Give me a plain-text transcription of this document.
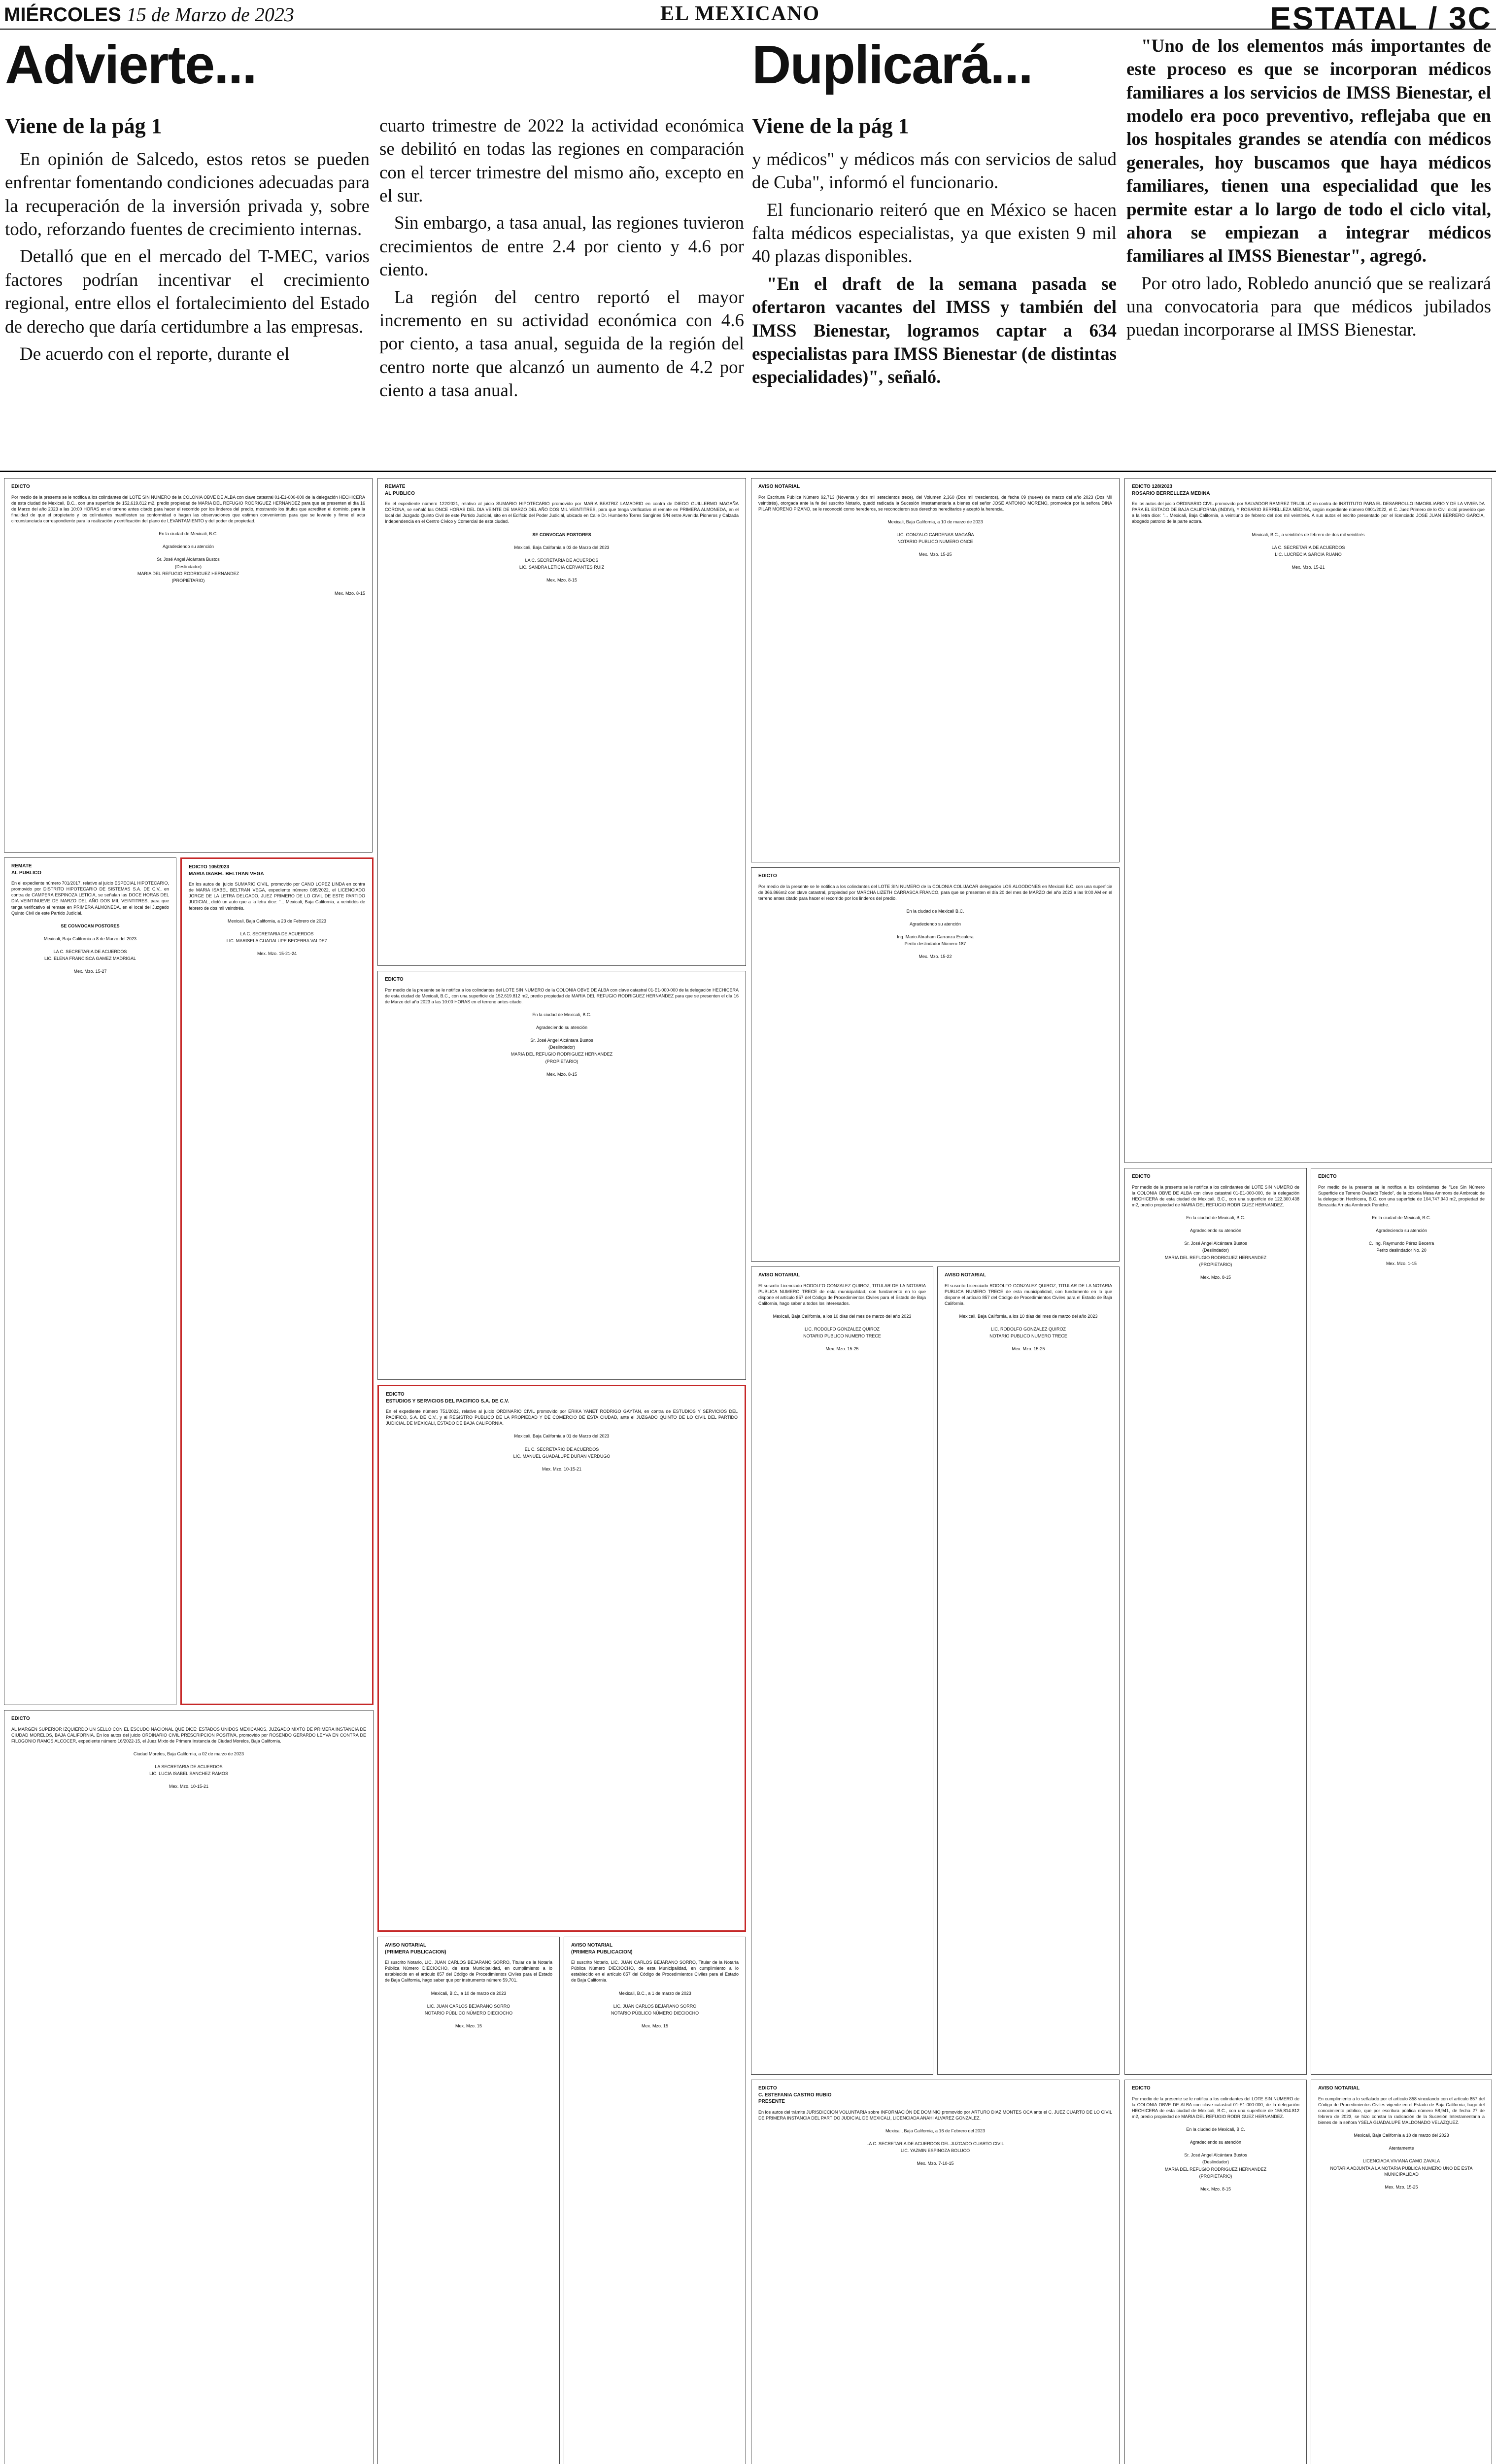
MIÉRCOLES 15 de Marzo de 2023	EL MEXICANO	ESTATAL / 3C
Advierte...
Viene de la pág 1

En opinión de Salcedo, estos retos se pueden enfrentar fomentando condiciones adecuadas para la recuperación de la inversión privada y, sobre todo, reforzando fuentes de crecimiento internas.

Detalló que en el mercado del T-MEC, varios factores podrían incentivar el crecimiento regional, entre ellos el fortalecimiento del Estado de derecho que daría certidumbre a las empresas.

De acuerdo con el reporte, durante el

cuarto trimestre de 2022 la actividad económica se debilitó en todas las regiones en comparación con el tercer trimestre del mismo año, excepto en el sur.

Sin embargo, a tasa anual, las regiones tuvieron crecimientos de entre 2.4 por ciento y 4.6 por ciento.

La región del centro reportó el mayor incremento en su actividad económica con 4.6 por ciento, a tasa anual, seguida de la región del centro norte que alcanzó un aumento de 4.2 por ciento a tasa anual.

Duplicará...
Viene de la pág 1

y médicos" y médicos más con servicios de salud de Cuba", informó el funcionario.

El funcionario reiteró que en México se hacen falta médicos especialistas, ya que existen 9 mil 40 plazas disponibles.

"En el draft de la semana pasada se ofertaron vacantes del IMSS y también del IMSS Bienestar, logramos captar a 634 especialistas para IMSS Bienestar (de distintas especialidades)", señaló.

"Uno de los elementos más importantes de este proceso es que se incorporan médicos familiares a los servicios de IMSS Bienestar, el modelo era poco preventivo, reflejaba que en los hospitales grandes se atendía con médicos generales, hoy buscamos que haya médicos familiares, tienen una especialidad que les permite estar a lo largo de todo el ciclo vital, ahora se empiezan a integrar médicos familiares al IMSS Bienestar", agregó.

Por otro lado, Robledo anunció que se realizará una convocatoria para que médicos jubilados puedan incorporarse al IMSS Bienestar.

EDICTO
Por medio de la presente se le notifica a los colindantes del LOTE SIN NUMERO de la COLONIA OBVE DE ALBA con clave catastral 01-E1-000-000 de la delegación HECHICERA de esta ciudad de Mexicali, B.C., con una superficie de 152,619.812 m2, predio propiedad de MARIA DEL REFUGIO RODRIGUEZ HERNANDEZ para que se presenten el día 16 de Marzo del año 2023 a las 10:00 HORAS en el terreno antes citado para hacer el recorrido por los linderos del predio, mostrando los títulos que acrediten el dominio, para la finalidad de que el propietario y los colindantes manifiesten su conformidad o hagan las observaciones que estimen convenientes para que se levante y firme el acta circunstanciada correspondiente para la realización y certificación del plano de LEVANTAMIENTO y del poder de propiedad.
En la ciudad de Mexicali, B.C.
Agradeciendo su atención
Sr. José Angel Alcántara Bustos
(Deslindador)
MARIA DEL REFUGIO RODRIGUEZ HERNANDEZ
(PROPIETARIO)
Mex. Mzo. 8-15
REMATE
AL PUBLICO
En el expediente número 122/2021, relativo al juicio SUMARIO HIPOTECARIO promovido por MARIA BEATRIZ LAMADRID en contra de DIEGO GUILLERMO MAGAÑA CORONA, se señaló las ONCE HORAS DEL DIA VEINTE DE MARZO DEL AÑO DOS MIL VEINTITRES, para que tenga verificativo el remate en PRIMERA ALMONEDA, en el local del Juzgado Quinto Civil de este Partido Judicial, sito en el Edificio del Poder Judicial, ubicado en Calle Dr. Humberto Torres Sanginés S/N entre Avenida Pioneros y Calzada Independencia en el Centro Cívico y Comercial de esta ciudad.
SE CONVOCAN POSTORES
Mexicali, Baja California a 03 de Marzo del 2023
LA C. SECRETARIA DE ACUERDOS
LIC. SANDRA LETICIA CERVANTES RUIZ
Mex. Mzo. 8-15
AVISO NOTARIAL
Por Escritura Pública Número 92,713 (Noventa y dos mil setecientos trece), del Volumen 2,360 (Dos mil trescientos), de fecha 09 (nueve) de marzo del año 2023 (Dos Mil veintitrés), otorgada ante la fe del suscrito Notario, quedó radicada la Sucesión intestamentaria a bienes del señor JOSE ANTONIO MORENO, promovida por la señora DINA PILAR MORENO PIZANO, se le reconoció como herederos, se reconocieron sus derechos hereditarios y aceptó la herencia.
Mexicali, Baja California, a 10 de marzo de 2023
LIC. GONZALO CARDENAS MAGAÑA
NOTARIO PUBLICO NUMERO ONCE
Mex. Mzo. 15-25
EDICTO 128/2023
ROSARIO BERRELLEZA MEDINA
En los autos del juicio ORDINARIO CIVIL promovido por SALVADOR RAMIREZ TRUJILLO en contra de INSTITUTO PARA EL DESARROLLO INMOBILIARIO Y DE LA VIVIENDA PARA EL ESTADO DE BAJA CALIFORNIA (INDIVI), Y ROSARIO BERRELLEZA MEDINA, según expediente número 0901/2022, el C. Juez Primero de lo Civil dictó proveído que a la letra dice: "... Mexicali, Baja California, a veintiuno de febrero del dos mil veintitrés. A sus autos el escrito presentado por el licenciado JOSE JUAN BERRERO GARCIA, abogado patrono de la parte actora.
Mexicali, B.C., a veintitrés de febrero de dos mil veintitrés
LA C. SECRETARIA DE ACUERDOS
LIC. LUCRECIA GARCIA RUANO
Mex. Mzo. 15-21
REMATE
AL PUBLICO
En el expediente número 701/2017, relativo al juicio ESPECIAL HIPOTECARIO, promovido por DISTRITO HIPOTECARIO DE SISTEMAS S.A. DE C.V., en contra de CAMPERA ESPINOZA LETICIA, se señalan las DOCE HORAS DEL DIA VEINTINUEVE DE MARZO DEL AÑO DOS MIL VEINTITRES, para que tenga verificativo el remate en PRIMERA ALMONEDA, en el local del Juzgado Quinto Civil de este Partido Judicial.
SE CONVOCAN POSTORES
Mexicali, Baja California a 8 de Marzo del 2023
LA C. SECRETARIA DE ACUERDOS
LIC. ELENA FRANCISCA GAMEZ MADRIGAL
Mex. Mzo. 15-27
EDICTO 105/2023
MARIA ISABEL BELTRAN VEGA
En los autos del juicio SUMARIO CIVIL, promovido por CANO LOPEZ LINDA en contra de MARIA ISABEL BELTRAN VEGA, expediente número 085/2022, el LICENCIADO JORGE DE LA LETRA DELGADO, JUEZ PRIMERO DE LO CIVIL DE ESTE PARTIDO JUDICIAL, dictó un auto que a la letra dice: "... Mexicali, Baja California, a veintidós de febrero de dos mil veintitrés.
Mexicali, Baja California, a 23 de Febrero de 2023
LA C. SECRETARIA DE ACUERDOS
LIC. MARISELA GUADALUPE BECERRA VALDEZ
Mex. Mzo. 15-21-24
EDICTO
Por medio de la presente se le notifica a los colindantes del LOTE SIN NUMERO de la COLONIA OBVE DE ALBA con clave catastral 01-E1-000-000 de la delegación HECHICERA de esta ciudad de Mexicali, B.C., con una superficie de 152,619.812 m2, predio propiedad de MARIA DEL REFUGIO RODRIGUEZ HERNANDEZ para que se presenten el día 16 de Marzo del año 2023 a las 10:00 HORAS en el terreno antes citado.
En la ciudad de Mexicali, B.C.
Agradeciendo su atención
Sr. José Angel Alcántara Bustos
(Deslindador)
MARIA DEL REFUGIO RODRIGUEZ HERNANDEZ
(PROPIETARIO)
Mex. Mzo. 8-15
EDICTO
Por medio de la presente se le notifica a los colindantes del LOTE SIN NUMERO de la COLONIA COLIJACAR delegación LOS ALGODONES en Mexicali B.C. con una superficie de 366.866m2 con clave catastral, propiedad por MARCHA LIZETH CARRASCA FRANCO, para que se presenten el día 20 del mes de MARZO del año 2023 a las 9:00 AM en el terreno antes citado para hacer el recorrido por los linderos del predio.
En la ciudad de Mexicali B.C.
Agradeciendo su atención
Ing. Mario Abraham Carranza Escalera
Perito deslindador Número 187
Mex. Mzo. 15-22
EDICTO
ESTUDIOS Y SERVICIOS DEL PACIFICO S.A. DE C.V.
En el expediente número 751/2022, relativo al juicio ORDINARIO CIVIL promovido por ERIKA YANET RODRIGO GAYTAN, en contra de ESTUDIOS Y SERVICIOS DEL PACIFICO, S.A. DE C.V., y al REGISTRO PUBLICO DE LA PROPIEDAD Y DE COMERCIO DE ESTA CIUDAD, ante el JUZGADO QUINTO DE LO CIVIL DEL PARTIDO JUDICIAL DE MEXICALI, ESTADO DE BAJA CALIFORNIA.
Mexicali, Baja California a 01 de Marzo del 2023
EL C. SECRETARIO DE ACUERDOS
LIC. MANUEL GUADALUPE DURAN VERDUGO
Mex. Mzo. 10-15-21
AVISO NOTARIAL
El suscrito Licenciado RODOLFO GONZALEZ QUIROZ, TITULAR DE LA NOTARIA PUBLICA NUMERO TRECE de esta municipalidad, con fundamento en lo que dispone el artículo 857 del Código de Procedimientos Civiles para el Estado de Baja California, hago saber a todos los interesados.
Mexicali, Baja California, a los 10 días del mes de marzo del año 2023
LIC. RODOLFO GONZALEZ QUIROZ
NOTARIO PUBLICO NUMERO TRECE
Mex. Mzo. 15-25
AVISO NOTARIAL
El suscrito Licenciado RODOLFO GONZALEZ QUIROZ, TITULAR DE LA NOTARIA PUBLICA NUMERO TRECE de esta municipalidad, con fundamento en lo que dispone el artículo 857 del Código de Procedimientos Civiles para el Estado de Baja California.
Mexicali, Baja California, a los 10 días del mes de marzo del año 2023
LIC. RODOLFO GONZALEZ QUIROZ
NOTARIO PUBLICO NUMERO TRECE
Mex. Mzo. 15-25
EDICTO
Por medio de la presente se le notifica a los colindantes del LOTE SIN NUMERO de la COLONIA OBVE DE ALBA con clave catastral 01-E1-000-000, de la delegación HECHICERA de esta ciudad de Mexicali, B.C., con una superficie de 122,300.438 m2, predio propiedad de MARIA DEL REFUGIO RODRIGUEZ HERNANDEZ.
En la ciudad de Mexicali, B.C.
Agradeciendo su atención
Sr. José Angel Alcántara Bustos
(Deslindador)
MARIA DEL REFUGIO RODRIGUEZ HERNANDEZ
(PROPIETARIO)
Mex. Mzo. 8-15
EDICTO
Por medio de la presente se le notifica a los colindantes de "Los Sin Número Superficie de Terreno Ovalado Toledo", de la colonia Mesa Ammons de Ambrosio de la delegación Hechicera, B.C. con una superficie de 104,747.940 m2, propiedad de Benzaida Arrieta Armbrock Peniche.
En la ciudad de Mexicali, B.C.
Agradeciendo su atención
C. Ing. Raymundo Pérez Becerra
Perito deslindador No. 20
Mex. Mzo. 1-15
EDICTO
AL MARGEN SUPERIOR IZQUIERDO UN SELLO CON EL ESCUDO NACIONAL QUE DICE: ESTADOS UNIDOS MEXICANOS, JUZGADO MIXTO DE PRIMERA INSTANCIA DE CIUDAD MORELOS, BAJA CALIFORNIA. En los autos del juicio ORDINARIO CIVIL PRESCRIPCION POSITIVA, promovido por ROSENDO GERARDO LEYVA EN CONTRA DE FILOGONIO RAMOS ALCOCER, expediente número 16/2022-15, el Juez Mixto de Primera Instancia de Ciudad Morelos, Baja California.
Ciudad Morelos, Baja California, a 02 de marzo de 2023
LA SECRETARIA DE ACUERDOS
LIC. LUCIA ISABEL SANCHEZ RAMOS
Mex. Mzo. 10-15-21
AVISO NOTARIAL
(PRIMERA PUBLICACION)
El suscrito Notario, LIC. JUAN CARLOS BEJARANO SORRO, Titular de la Notaría Pública Número DIECIOCHO, de esta Municipalidad, en cumplimiento a lo establecido en el artículo 857 del Código de Procedimientos Civiles para el Estado de Baja California, hago saber que por instrumento número 59,701.
Mexicali, B.C., a 10 de marzo de 2023
LIC. JUAN CARLOS BEJARANO SORRO
NOTARIO PÚBLICO NÚMERO DIECIOCHO
Mex. Mzo. 15
AVISO NOTARIAL
(PRIMERA PUBLICACION)
El suscrito Notario, LIC. JUAN CARLOS BEJARANO SORRO, Titular de la Notaría Pública Número DIECIOCHO, de esta Municipalidad, en cumplimiento a lo establecido en el artículo 857 del Código de Procedimientos Civiles para el Estado de Baja California.
Mexicali, B.C., a 1 de marzo de 2023
LIC. JUAN CARLOS BEJARANO SORRO
NOTARIO PÚBLICO NÚMERO DIECIOCHO
Mex. Mzo. 15
EDICTO
C. ESTEFANIA CASTRO RUBIO
PRESENTE
En los autos del trámite JURISDICCION VOLUNTARIA sobre INFORMACIÓN DE DOMINIO promovido por ARTURO DIAZ MONTES OCA ante el C. JUEZ CUARTO DE LO CIVIL DE PRIMERA INSTANCIA DEL PARTIDO JUDICIAL DE MEXICALI, LICENCIADA ANAHI ALVAREZ GONZALEZ.
Mexicali, Baja California, a 16 de Febrero del 2023
LA C. SECRETARIA DE ACUERDOS DEL JUZGADO CUARTO CIVIL
LIC. YAZMIN ESPINOZA BOLUCO
Mex. Mzo. 7-10-15
EDICTO
Por medio de la presente se le notifica a los colindantes del LOTE SIN NUMERO de la COLONIA OBVE DE ALBA con clave catastral 01-E1-000-000, de la delegación HECHICERA de esta ciudad de Mexicali, B.C., con una superficie de 155,814.812 m2, predio propiedad de MARIA DEL REFUGIO RODRIGUEZ HERNANDEZ.
En la ciudad de Mexicali, B.C.
Agradeciendo su atención
Sr. José Angel Alcántara Bustos
(Deslindador)
MARIA DEL REFUGIO RODRIGUEZ HERNANDEZ
(PROPIETARIO)
Mex. Mzo. 8-15
AVISO NOTARIAL
En cumplimiento a lo señalado por el artículo 858 vinculando con el artículo 857 del Código de Procedimientos Civiles vigente en el Estado de Baja California, hago del conocimiento público, que por escritura pública número 58,941, de fecha 27 de febrero de 2023, se hizo constar la radicación de la Sucesión Intestamentaria a bienes de la señora YSELA GUADALUPE MALDONADO VELAZQUEZ.
Mexicali, Baja California a 10 de marzo del 2023
Atentamente
LICENCIADA VIVIANA CAMO ZAVALA
NOTARIA ADJUNTA A LA NOTARIA PUBLICA NUMERO UNO DE ESTA MUNICIPALIDAD
Mex. Mzo. 15-25
